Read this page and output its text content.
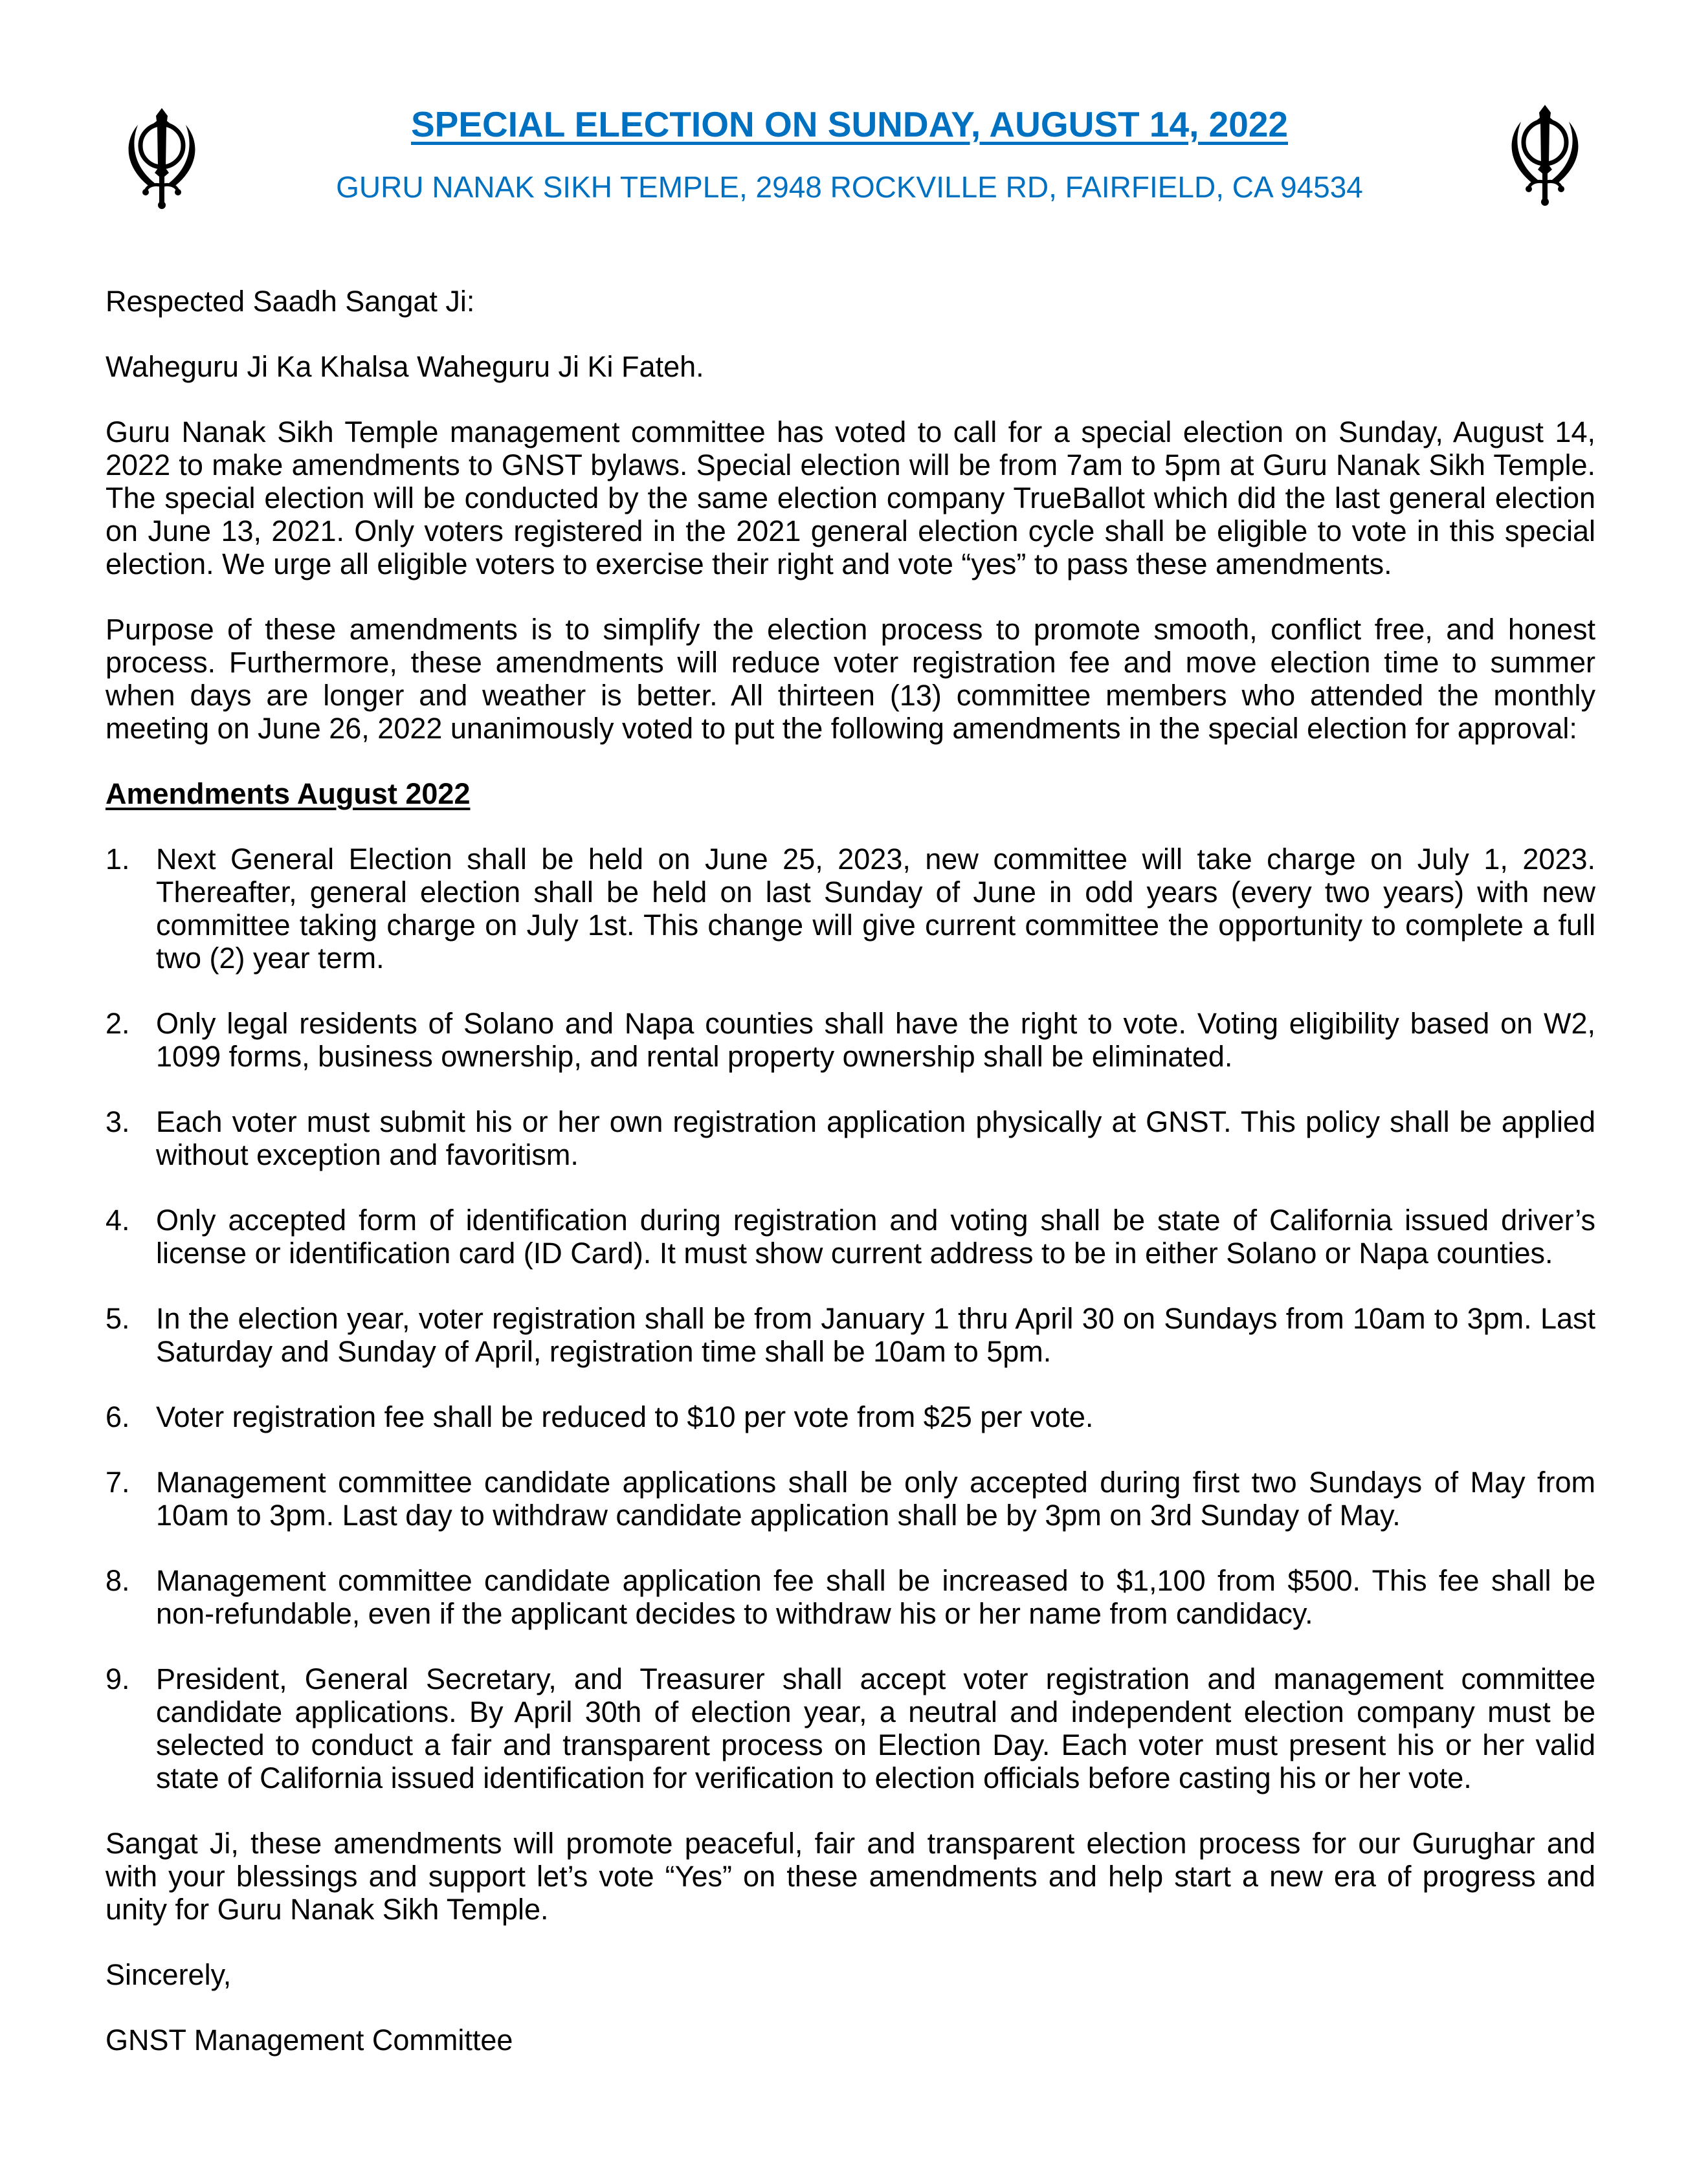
SPECIAL ELECTION ON SUNDAY, AUGUST 14, 2022
GURU NANAK SIKH TEMPLE, 2948 ROCKVILLE RD, FAIRFIELD, CA 94534

Respected Saadh Sangat Ji:

Waheguru Ji Ka Khalsa Waheguru Ji Ki Fateh.

Guru Nanak Sikh Temple management committee has voted to call for a special election on Sunday, August 14, 2022 to make amendments to GNST bylaws. Special election will be from 7am to 5pm at Guru Nanak Sikh Temple. The special election will be conducted by the same election company TrueBallot which did the last general election on June 13, 2021. Only voters registered in the 2021 general election cycle shall be eligible to vote in this special election. We urge all eligible voters to exercise their right and vote “yes” to pass these amendments.

Purpose of these amendments is to simplify the election process to promote smooth, conflict free, and honest process. Furthermore, these amendments will reduce voter registration fee and move election time to summer when days are longer and weather is better. All thirteen (13) committee members who attended the monthly meeting on June 26, 2022 unanimously voted to put the following amendments in the special election for approval:

Amendments August 2022

1. Next General Election shall be held on June 25, 2023, new committee will take charge on July 1, 2023. Thereafter, general election shall be held on last Sunday of June in odd years (every two years) with new committee taking charge on July 1st. This change will give current committee the opportunity to complete a full two (2) year term.
2. Only legal residents of Solano and Napa counties shall have the right to vote. Voting eligibility based on W2, 1099 forms, business ownership, and rental property ownership shall be eliminated.
3. Each voter must submit his or her own registration application physically at GNST. This policy shall be applied without exception and favoritism.
4. Only accepted form of identification during registration and voting shall be state of California issued driver’s license or identification card (ID Card). It must show current address to be in either Solano or Napa counties.
5. In the election year, voter registration shall be from January 1 thru April 30 on Sundays from 10am to 3pm. Last Saturday and Sunday of April, registration time shall be 10am to 5pm.
6. Voter registration fee shall be reduced to $10 per vote from $25 per vote.
7. Management committee candidate applications shall be only accepted during first two Sundays of May from 10am to 3pm. Last day to withdraw candidate application shall be by 3pm on 3rd Sunday of May.
8. Management committee candidate application fee shall be increased to $1,100 from $500. This fee shall be non-refundable, even if the applicant decides to withdraw his or her name from candidacy.
9. President, General Secretary, and Treasurer shall accept voter registration and management committee candidate applications. By April 30th of election year, a neutral and independent election company must be selected to conduct a fair and transparent process on Election Day. Each voter must present his or her valid state of California issued identification for verification to election officials before casting his or her vote.

Sangat Ji, these amendments will promote peaceful, fair and transparent election process for our Gurughar and with your blessings and support let’s vote “Yes” on these amendments and help start a new era of progress and unity for Guru Nanak Sikh Temple.

Sincerely,

GNST Management Committee
